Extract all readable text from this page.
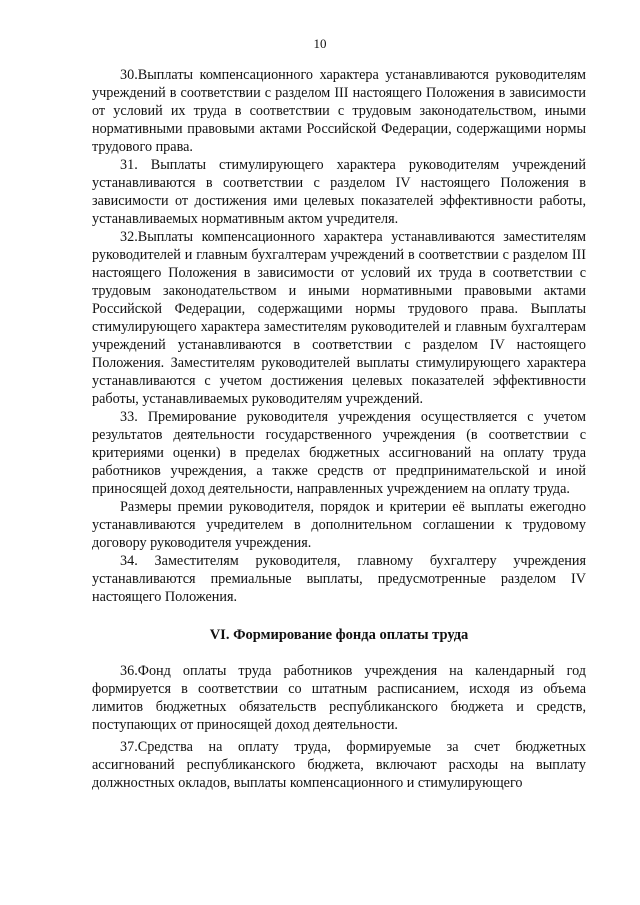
10

30.Выплаты компенсационного характера устанавливаются руководителям учреждений в соответствии с разделом III настоящего Положения в зависимости от условий их труда в соответствии с трудовым законодательством, иными нормативными правовыми актами Российской Федерации, содержащими нормы трудового права.

31. Выплаты стимулирующего характера руководителям учреждений устанавливаются в соответствии с разделом IV настоящего Положения в зависимости от достижения ими целевых показателей эффективности работы, устанавливаемых нормативным актом учредителя.

32.Выплаты компенсационного характера устанавливаются заместителям руководителей и главным бухгалтерам учреждений в соответствии с разделом III настоящего Положения в зависимости от условий их труда в соответствии с трудовым законодательством и иными нормативными правовыми актами Российской Федерации, содержащими нормы трудового права. Выплаты стимулирующего характера заместителям руководителей и главным бухгалтерам учреждений устанавливаются в соответствии с разделом IV настоящего Положения. Заместителям руководителей выплаты стимулирующего характера устанавливаются с учетом достижения целевых показателей эффективности работы, устанавливаемых руководителям учреждений.

33. Премирование руководителя учреждения осуществляется с учетом результатов деятельности государственного учреждения (в соответствии с критериями оценки) в пределах бюджетных ассигнований на оплату труда работников учреждения, а также средств от предпринимательской и иной приносящей доход деятельности, направленных учреждением на оплату труда.

Размеры премии руководителя, порядок и критерии её выплаты ежегодно устанавливаются учредителем в дополнительном соглашении к трудовому договору руководителя учреждения.

34. Заместителям руководителя, главному бухгалтеру учреждения устанавливаются премиальные выплаты, предусмотренные разделом IV настоящего Положения.

VI. Формирование фонда оплаты труда

36.Фонд оплаты труда работников учреждения на календарный год формируется в соответствии со штатным расписанием, исходя из объема лимитов бюджетных обязательств республиканского бюджета и средств, поступающих от приносящей доход деятельности.

37.Средства на оплату труда, формируемые за счет бюджетных ассигнований республиканского бюджета, включают расходы на выплату должностных окладов, выплаты компенсационного и стимулирующего
